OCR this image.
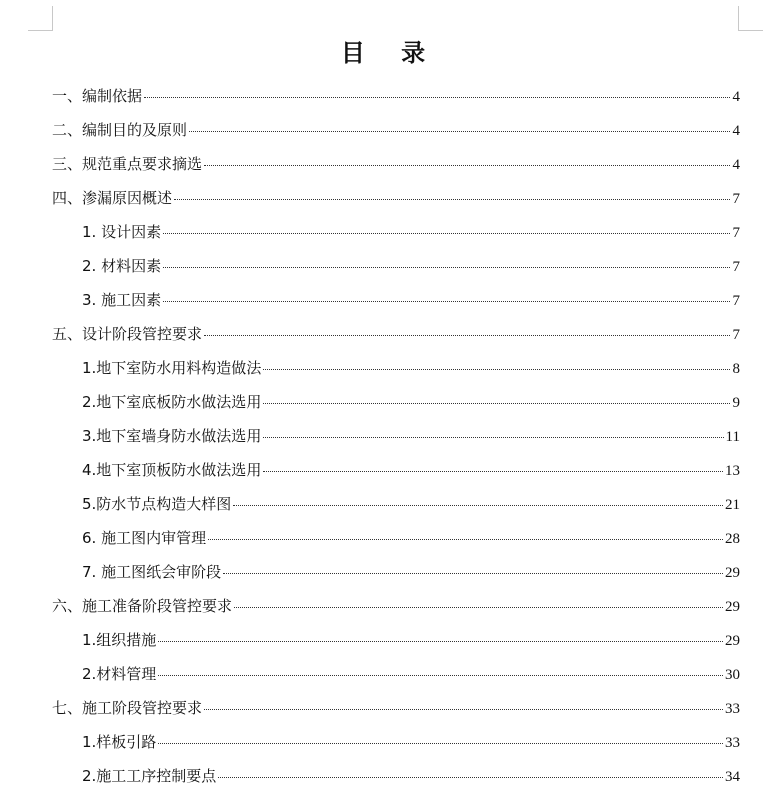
目 录
一、编制依据	4
二、编制目的及原则	4
三、规范重点要求摘选	4
四、渗漏原因概述	7
1. 设计因素	7
2. 材料因素	7
3. 施工因素	7
五、设计阶段管控要求	7
1.地下室防水用料构造做法	8
2.地下室底板防水做法选用	9
3.地下室墙身防水做法选用	11
4.地下室顶板防水做法选用	13
5.防水节点构造大样图	21
6. 施工图内审管理	28
7. 施工图纸会审阶段	29
六、施工准备阶段管控要求	29
1.组织措施	29
2.材料管理	30
七、施工阶段管控要求	33
1.样板引路	33
2.施工工序控制要点	34
